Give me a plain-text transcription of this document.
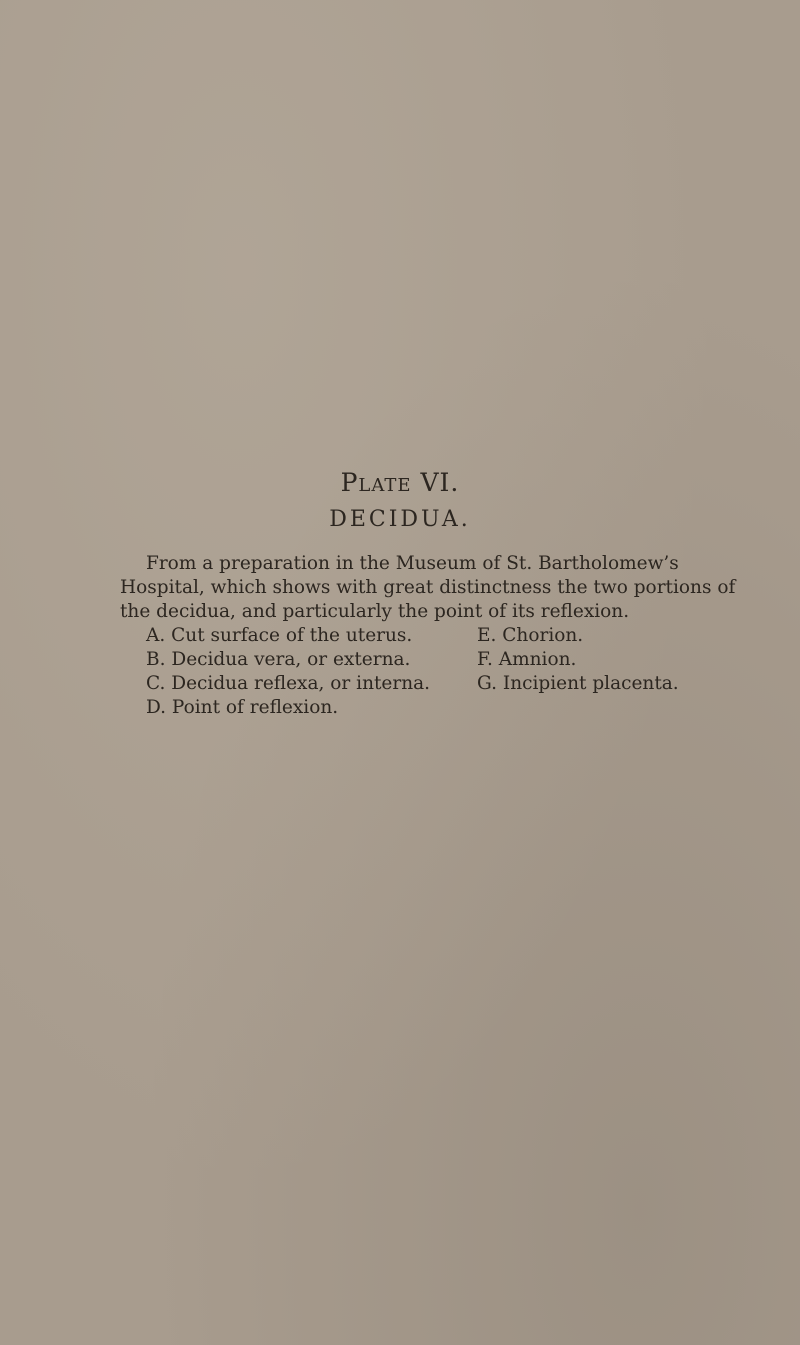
Plate VI.
DECIDUA.

From a preparation in the Museum of St. Bartholomew’s Hospital, which shows with great distinctness the two portions of the decidua, and particularly the point of its reflexion.

A. Cut surface of the uterus.	E. Chorion.
B. Decidua vera, or externa.	F. Amnion.
C. Decidua reflexa, or interna.	G. Incipient placenta.
D. Point of reflexion.
